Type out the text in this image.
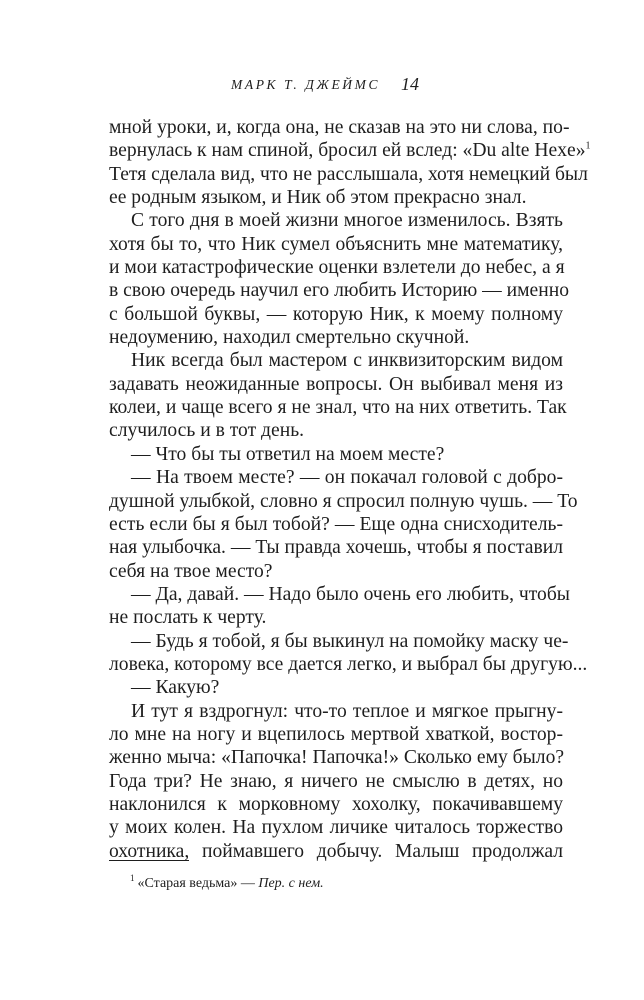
МАРК Т. ДЖЕЙМС 14
мной уроки, и, когда она, не сказав на это ни слова, по-
вернулась к нам спиной, бросил ей вслед: «Du alte Hexe»$^1$
Тетя сделала вид, что не расслышала, хотя немецкий был
ее родным языком, и Ник об этом прекрасно знал.
С того дня в моей жизни многое изменилось. Взять
хотя бы то, что Ник сумел объяснить мне математику,
и мои катастрофические оценки взлетели до небес, а я
в свою очередь научил его любить Историю — именно
с большой буквы, — которую Ник, к моему полному
недоумению, находил смертельно скучной.
Ник всегда был мастером с инквизиторским видом
задавать неожиданные вопросы. Он выбивал меня из
колеи, и чаще всего я не знал, что на них ответить. Так
случилось и в тот день.
— Что бы ты ответил на моем месте?
— На твоем месте? — он покачал головой с добро-
душной улыбкой, словно я спросил полную чушь. — То
есть если бы я был тобой? — Еще одна снисходитель-
ная улыбочка. — Ты правда хочешь, чтобы я поставил
себя на твое место?
— Да, давай. — Надо было очень его любить, чтобы
не послать к черту.
— Будь я тобой, я бы выкинул на помойку маску че-
ловека, которому все дается легко, и выбрал бы другую...
— Какую?
И тут я вздрогнул: что-то теплое и мягкое прыгну-
ло мне на ногу и вцепилось мертвой хваткой, востор-
женно мыча: «Папочка! Папочка!» Сколько ему было?
Года три? Не знаю, я ничего не смыслю в детях, но
наклонился к морковному хохолку, покачивавшему
у моих колен. На пухлом личике читалось торжество
охотника, поймавшего добычу. Малыш продолжал
$^1$ «Старая ведьма» — Пер. с нем.
